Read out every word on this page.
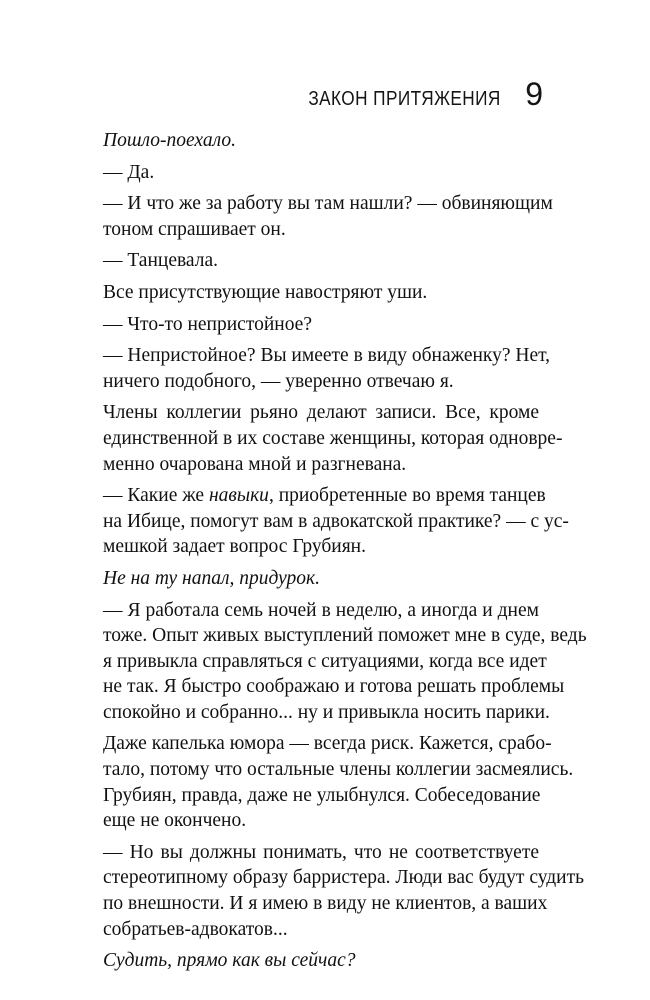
ЗАКОН ПРИТЯЖЕНИЯ 9
Пошло-поехало.
— Да.
— И что же за работу вы там нашли? — обвиняющим
тоном спрашивает он.
— Танцевала.
Все присутствующие навостряют уши.
— Что-то непристойное?
— Непристойное? Вы имеете в виду обнаженку? Нет,
ничего подобного, — уверенно отвечаю я.
Члены коллегии рьяно делают записи. Все, кроме
единственной в их составе женщины, которая одновре-
менно очарована мной и разгневана.
— Какие же навыки, приобретенные во время танцев
на Ибице, помогут вам в адвокатской практике? — с ус-
мешкой задает вопрос Грубиян.
Не на ту напал, придурок.
— Я работала семь ночей в неделю, а иногда и днем
тоже. Опыт живых выступлений поможет мне в суде, ведь
я привыкла справляться с ситуациями, когда все идет
не так. Я быстро соображаю и готова решать проблемы
спокойно и собранно... ну и привыкла носить парики.
Даже капелька юмора — всегда риск. Кажется, срабо-
тало, потому что остальные члены коллегии засмеялись.
Грубиян, правда, даже не улыбнулся. Собеседование
еще не окончено.
— Но вы должны понимать, что не соответствуете
стереотипному образу барристера. Люди вас будут судить
по внешности. И я имею в виду не клиентов, а ваших
собратьев-адвокатов...
Судить, прямо как вы сейчас?
